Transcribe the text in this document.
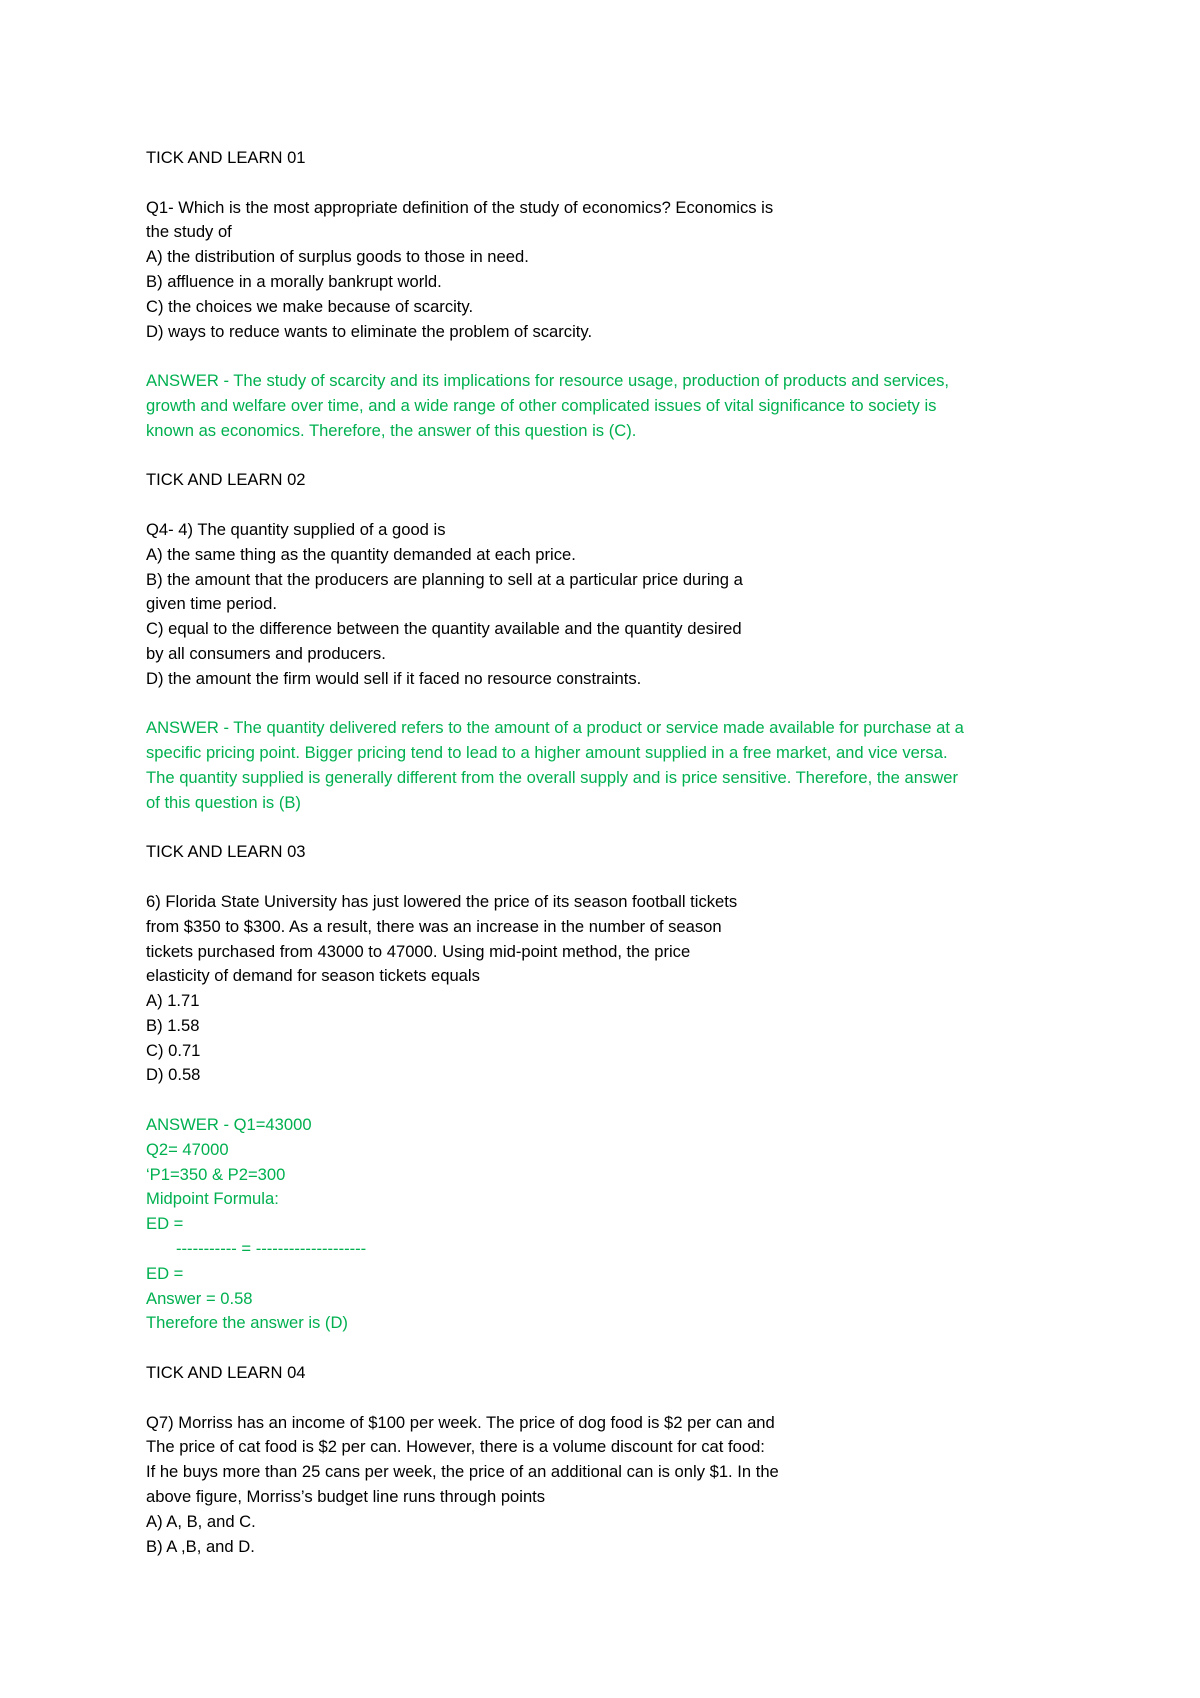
TICK AND LEARN 01
Q1- Which is the most appropriate definition of the study of economics? Economics is
the study of
A) the distribution of surplus goods to those in need.
B) affluence in a morally bankrupt world.
C) the choices we make because of scarcity.
D) ways to reduce wants to eliminate the problem of scarcity.
ANSWER - The study of scarcity and its implications for resource usage, production of products and services,
growth and welfare over time, and a wide range of other complicated issues of vital significance to society is
known as economics. Therefore, the answer of this question is (C).
TICK AND LEARN 02
Q4- 4) The quantity supplied of a good is
A) the same thing as the quantity demanded at each price.
B) the amount that the producers are planning to sell at a particular price during a
given time period.
C) equal to the difference between the quantity available and the quantity desired
by all consumers and producers.
D) the amount the firm would sell if it faced no resource constraints.
ANSWER - The quantity delivered refers to the amount of a product or service made available for purchase at a
specific pricing point. Bigger pricing tend to lead to a higher amount supplied in a free market, and vice versa.
The quantity supplied is generally different from the overall supply and is price sensitive. Therefore, the answer
of this question is (B)
TICK AND LEARN 03
6) Florida State University has just lowered the price of its season football tickets
from $350 to $300. As a result, there was an increase in the number of season
tickets purchased from 43000 to 47000. Using mid-point method, the price
elasticity of demand for season tickets equals
A) 1.71
B) 1.58
C) 0.71
D) 0.58
ANSWER - Q1=43000
Q2= 47000
‘P1=350 & P2=300
Midpoint Formula:
ED =
----------- = --------------------
ED =
Answer = 0.58
Therefore the answer is (D)
TICK AND LEARN 04
Q7) Morriss has an income of $100 per week. The price of dog food is $2 per can and
The price of cat food is $2 per can. However, there is a volume discount for cat food:
If he buys more than 25 cans per week, the price of an additional can is only $1. In the
above figure, Morriss’s budget line runs through points
A) A, B, and C.
B) A ,B, and D.
